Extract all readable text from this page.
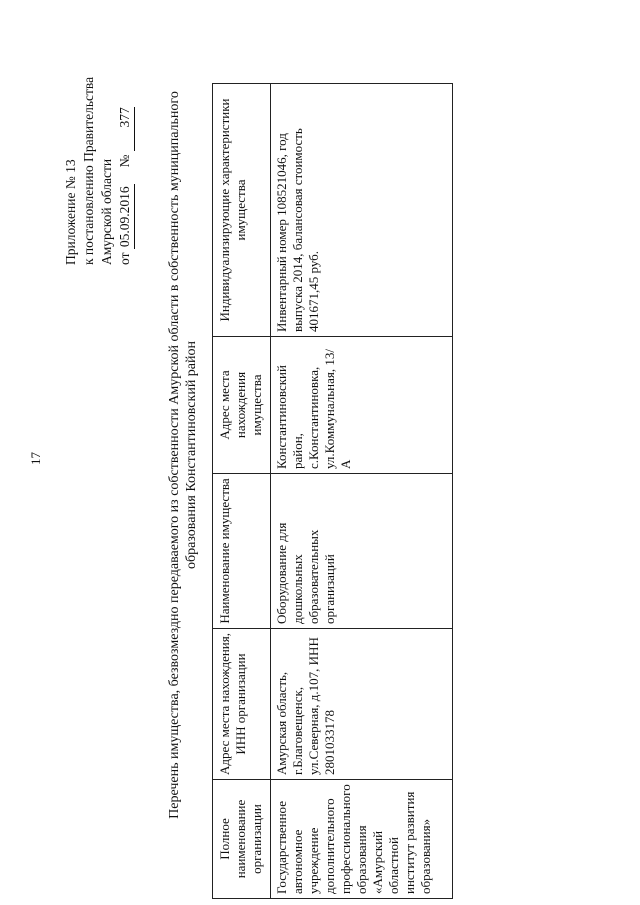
17
Приложение № 13 к постановлению Правительства Амурской области от 05.09.2016     № 377	Перечень имущества, безвозмездно передаваемого из собственности Амурской области в собственность муниципального образования Константиновский район
Полное наименование организации	Адрес места нахождения, ИНН организации	Наименование имущества	Адрес места нахождения имущества	Индивидуализирующие характеристики имущества
Государственное автономное учреждение дополнительного профессионального образования «Амурский областной институт развития образования»	Амурская область, г.Благовещенск, ул.Северная, д.107, ИНН 2801033178	Оборудование для дошкольных образовательных организаций	Константиновский район, с.Константиновка, ул.Коммунальная, 13/А	Инвентарный номер 108521046, год выпуска 2014, балансовая стоимость 401671,45 руб.
